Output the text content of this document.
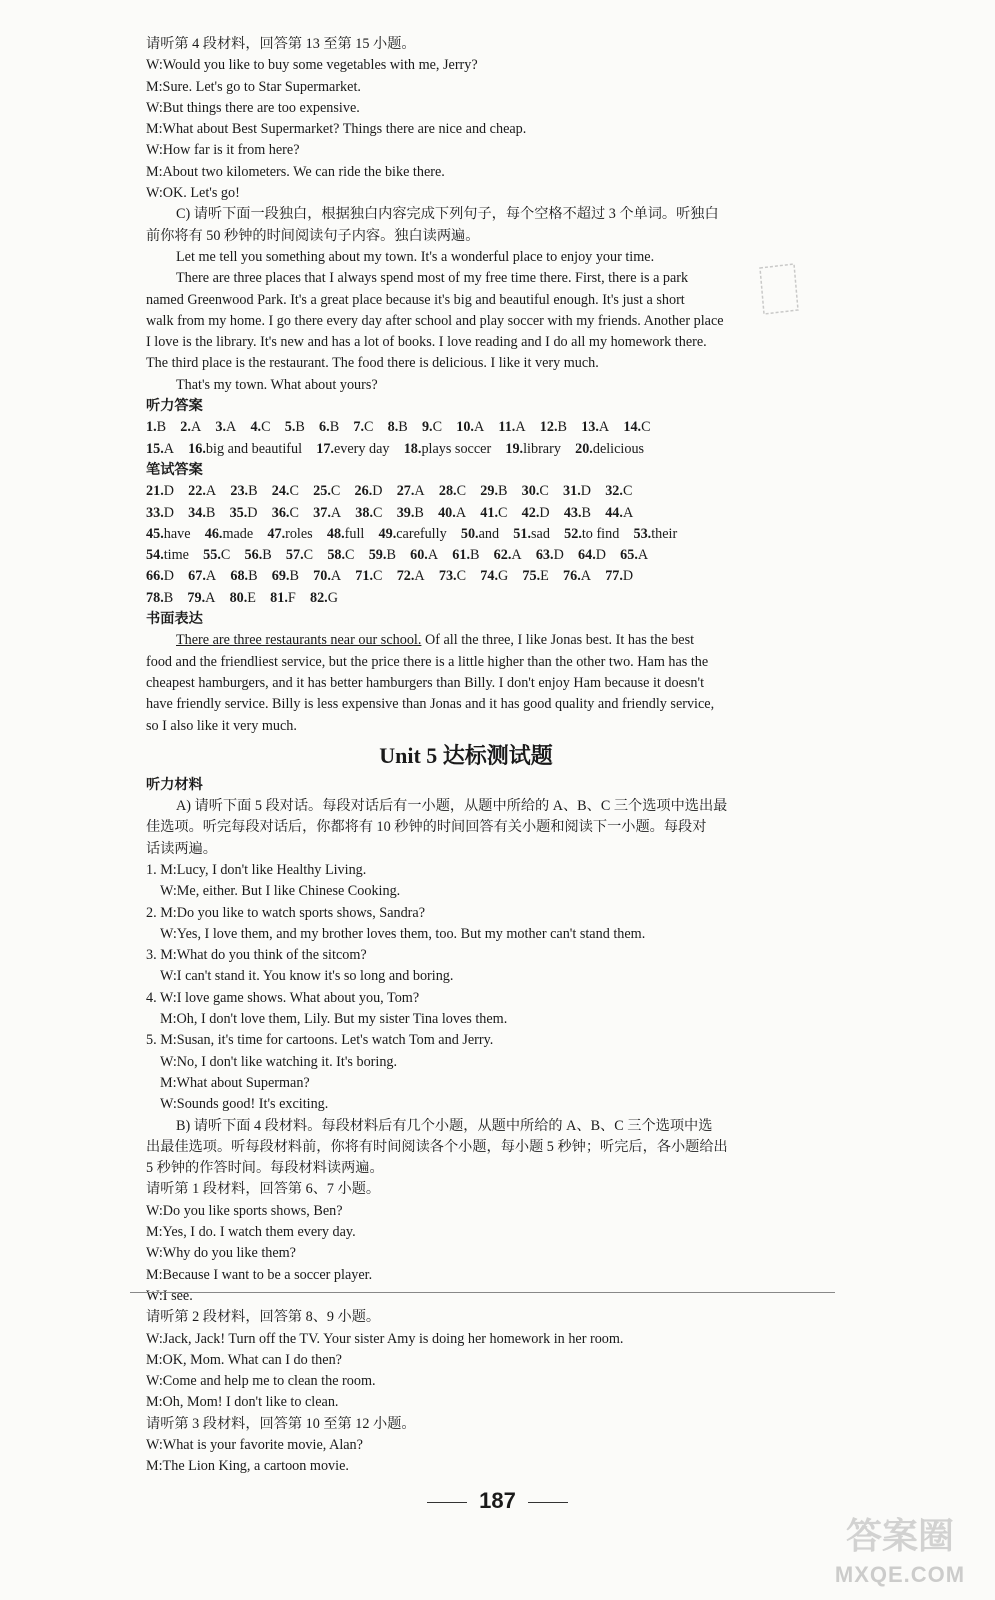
请听第 4 段材料，回答第 13 至第 15 小题。
W:Would you like to buy some vegetables with me, Jerry?
M:Sure. Let's go to Star Supermarket.
W:But things there are too expensive.
M:What about Best Supermarket? Things there are nice and cheap.
W:How far is it from here?
M:About two kilometers. We can ride the bike there.
W:OK. Let's go!
C) 请听下面一段独白，根据独白内容完成下列句子，每个空格不超过 3 个单词。听独白
前你将有 50 秒钟的时间阅读句子内容。独白读两遍。
Let me tell you something about my town. It's a wonderful place to enjoy your time.
There are three places that I always spend most of my free time there. First, there is a park
named Greenwood Park. It's a great place because it's big and beautiful enough. It's just a short
walk from my home. I go there every day after school and play soccer with my friends. Another place
I love is the library. It's new and has a lot of books. I love reading and I do all my homework there.
The third place is the restaurant. The food there is delicious. I like it very much.
That's my town. What about yours?
听力答案
1.B  2.A  3.A  4.C  5.B  6.B  7.C  8.B  9.C  10.A  11.A  12.B  13.A  14.C
15.A  16.big and beautiful  17.every day  18.plays soccer  19.library  20.delicious
笔试答案
21.D  22.A  23.B  24.C  25.C  26.D  27.A  28.C  29.B  30.C  31.D  32.C
33.D  34.B  35.D  36.C  37.A  38.C  39.B  40.A  41.C  42.D  43.B  44.A
45.have  46.made  47.roles  48.full  49.carefully  50.and  51.sad  52.to find  53.their
54.time  55.C  56.B  57.C  58.C  59.B  60.A  61.B  62.A  63.D  64.D  65.A
66.D  67.A  68.B  69.B  70.A  71.C  72.A  73.C  74.G  75.E  76.A  77.D
78.B  79.A  80.E  81.F  82.G
书面表达
There are three restaurants near our school. Of all the three, I like Jonas best. It has the best
food and the friendliest service, but the price there is a little higher than the other two. Ham has the
cheapest hamburgers, and it has better hamburgers than Billy. I don't enjoy Ham because it doesn't
have friendly service. Billy is less expensive than Jonas and it has good quality and friendly service,
so I also like it very much.
Unit 5 达标测试题
听力材料
A) 请听下面 5 段对话。每段对话后有一小题，从题中所给的 A、B、C 三个选项中选出最
佳选项。听完每段对话后，你都将有 10 秒钟的时间回答有关小题和阅读下一小题。每段对
话读两遍。
1. M:Lucy, I don't like Healthy Living.
W:Me, either. But I like Chinese Cooking.
2. M:Do you like to watch sports shows, Sandra?
W:Yes, I love them, and my brother loves them, too. But my mother can't stand them.
3. M:What do you think of the sitcom?
W:I can't stand it. You know it's so long and boring.
4. W:I love game shows. What about you, Tom?
M:Oh, I don't love them, Lily. But my sister Tina loves them.
5. M:Susan, it's time for cartoons. Let's watch Tom and Jerry.
W:No, I don't like watching it. It's boring.
M:What about Superman?
W:Sounds good! It's exciting.
B) 请听下面 4 段材料。每段材料后有几个小题，从题中所给的 A、B、C 三个选项中选
出最佳选项。听每段材料前，你将有时间阅读各个小题，每小题 5 秒钟；听完后，各小题给出
5 秒钟的作答时间。每段材料读两遍。
请听第 1 段材料，回答第 6、7 小题。
W:Do you like sports shows, Ben?
M:Yes, I do. I watch them every day.
W:Why do you like them?
M:Because I want to be a soccer player.
W:I see.
请听第 2 段材料，回答第 8、9 小题。
W:Jack, Jack! Turn off the TV. Your sister Amy is doing her homework in her room.
M:OK, Mom. What can I do then?
W:Come and help me to clean the room.
M:Oh, Mom! I don't like to clean.
请听第 3 段材料，回答第 10 至第 12 小题。
W:What is your favorite movie, Alan?
M:The Lion King, a cartoon movie.
187
答案圈
MXQE.COM
